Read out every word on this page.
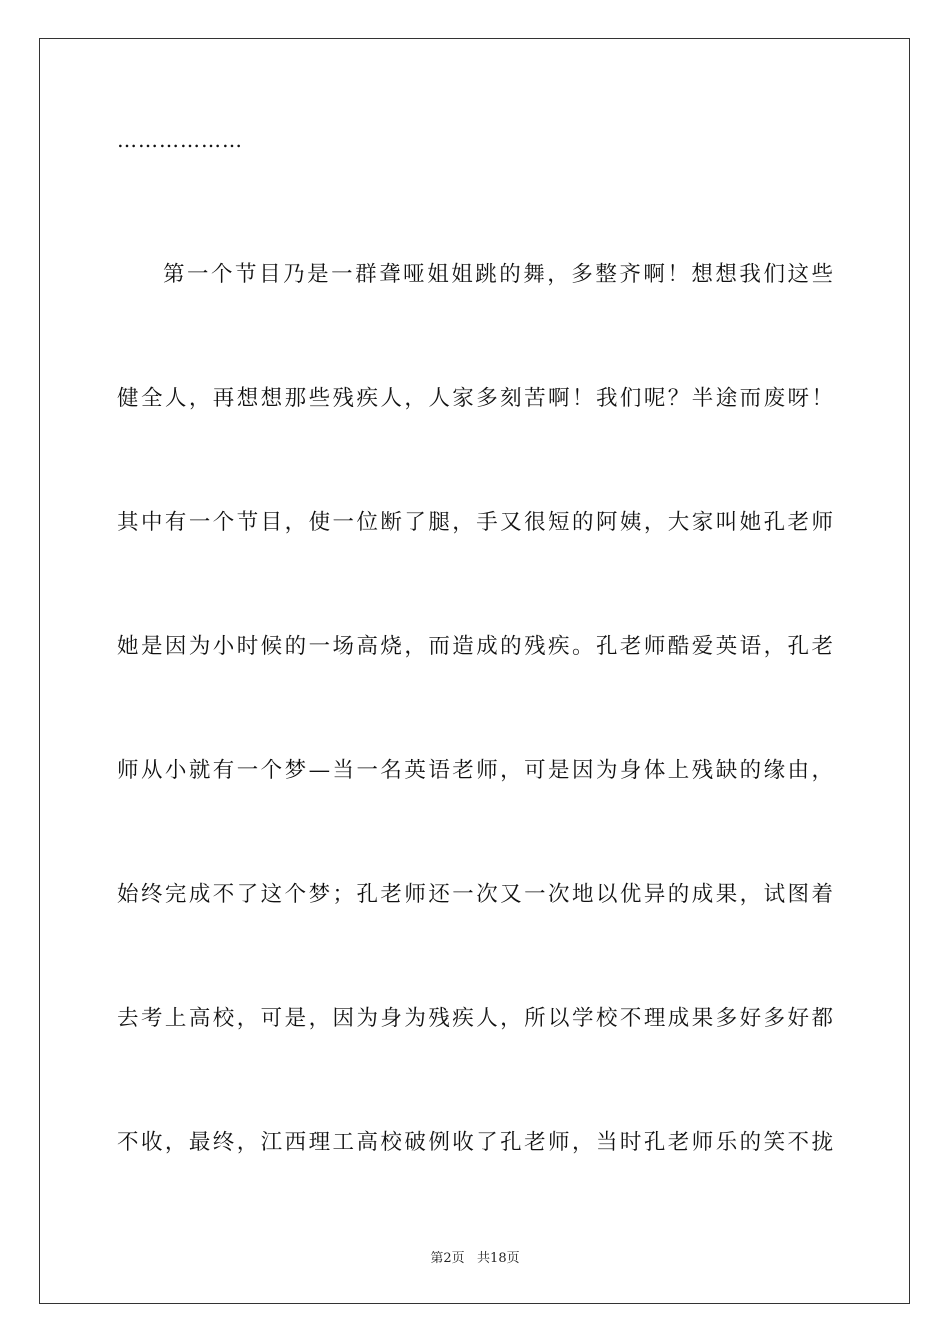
………………
第一个节目乃是一群聋哑姐姐跳的舞，多整齐啊！想想我们这些
健全人，再想想那些残疾人，人家多刻苦啊！我们呢？半途而废呀！
其中有一个节目，使一位断了腿，手又很短的阿姨，大家叫她孔老师
她是因为小时候的一场高烧，而造成的残疾。孔老师酷爱英语，孔老
师从小就有一个梦—当一名英语老师，可是因为身体上残缺的缘由，
始终完成不了这个梦；孔老师还一次又一次地以优异的成果，试图着
去考上高校，可是，因为身为残疾人，所以学校不理成果多好多好都
不收，最终，江西理工高校破例收了孔老师，当时孔老师乐的笑不拢
第2页   共18页
